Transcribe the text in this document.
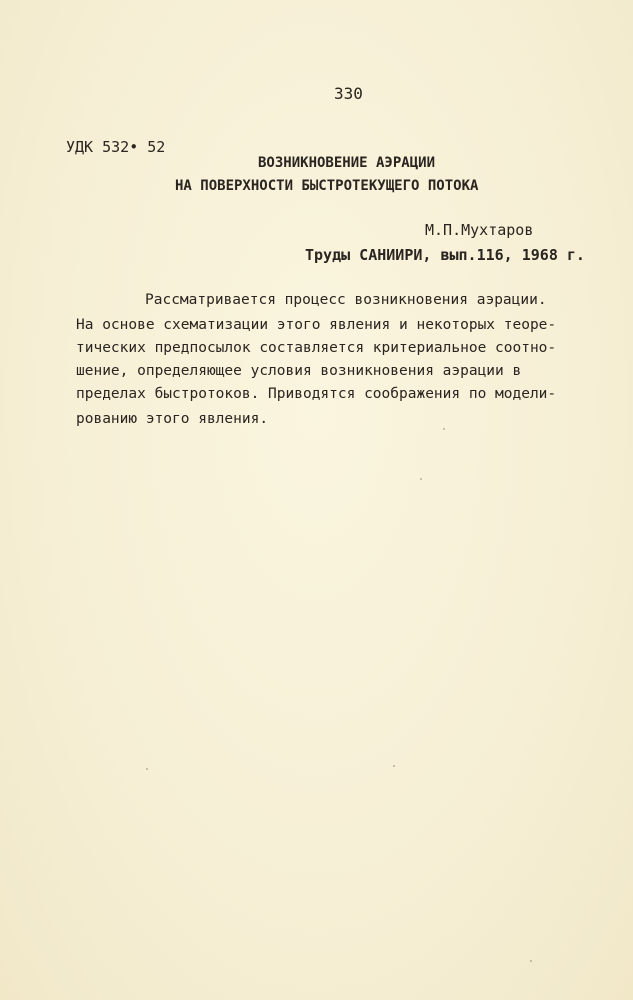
330
УДК 532• 52
ВОЗНИКНОВЕНИЕ АЭРАЦИИ
НА ПОВЕРХНОСТИ БЫСТРОТЕКУЩЕГО ПОТОКА
М.П.Мухтаров
Труды САНИИРИ, вып.116, 1968 г.
Рассматривается процесс возникновения аэрации.
На основе схематизации этого явления и некоторых теоре-
тических предпосылок составляется критериальное соотно-
шение, определяющее условия возникновения аэрации в
пределах быстротоков. Приводятся соображения по модели-
рованию этого явления.
